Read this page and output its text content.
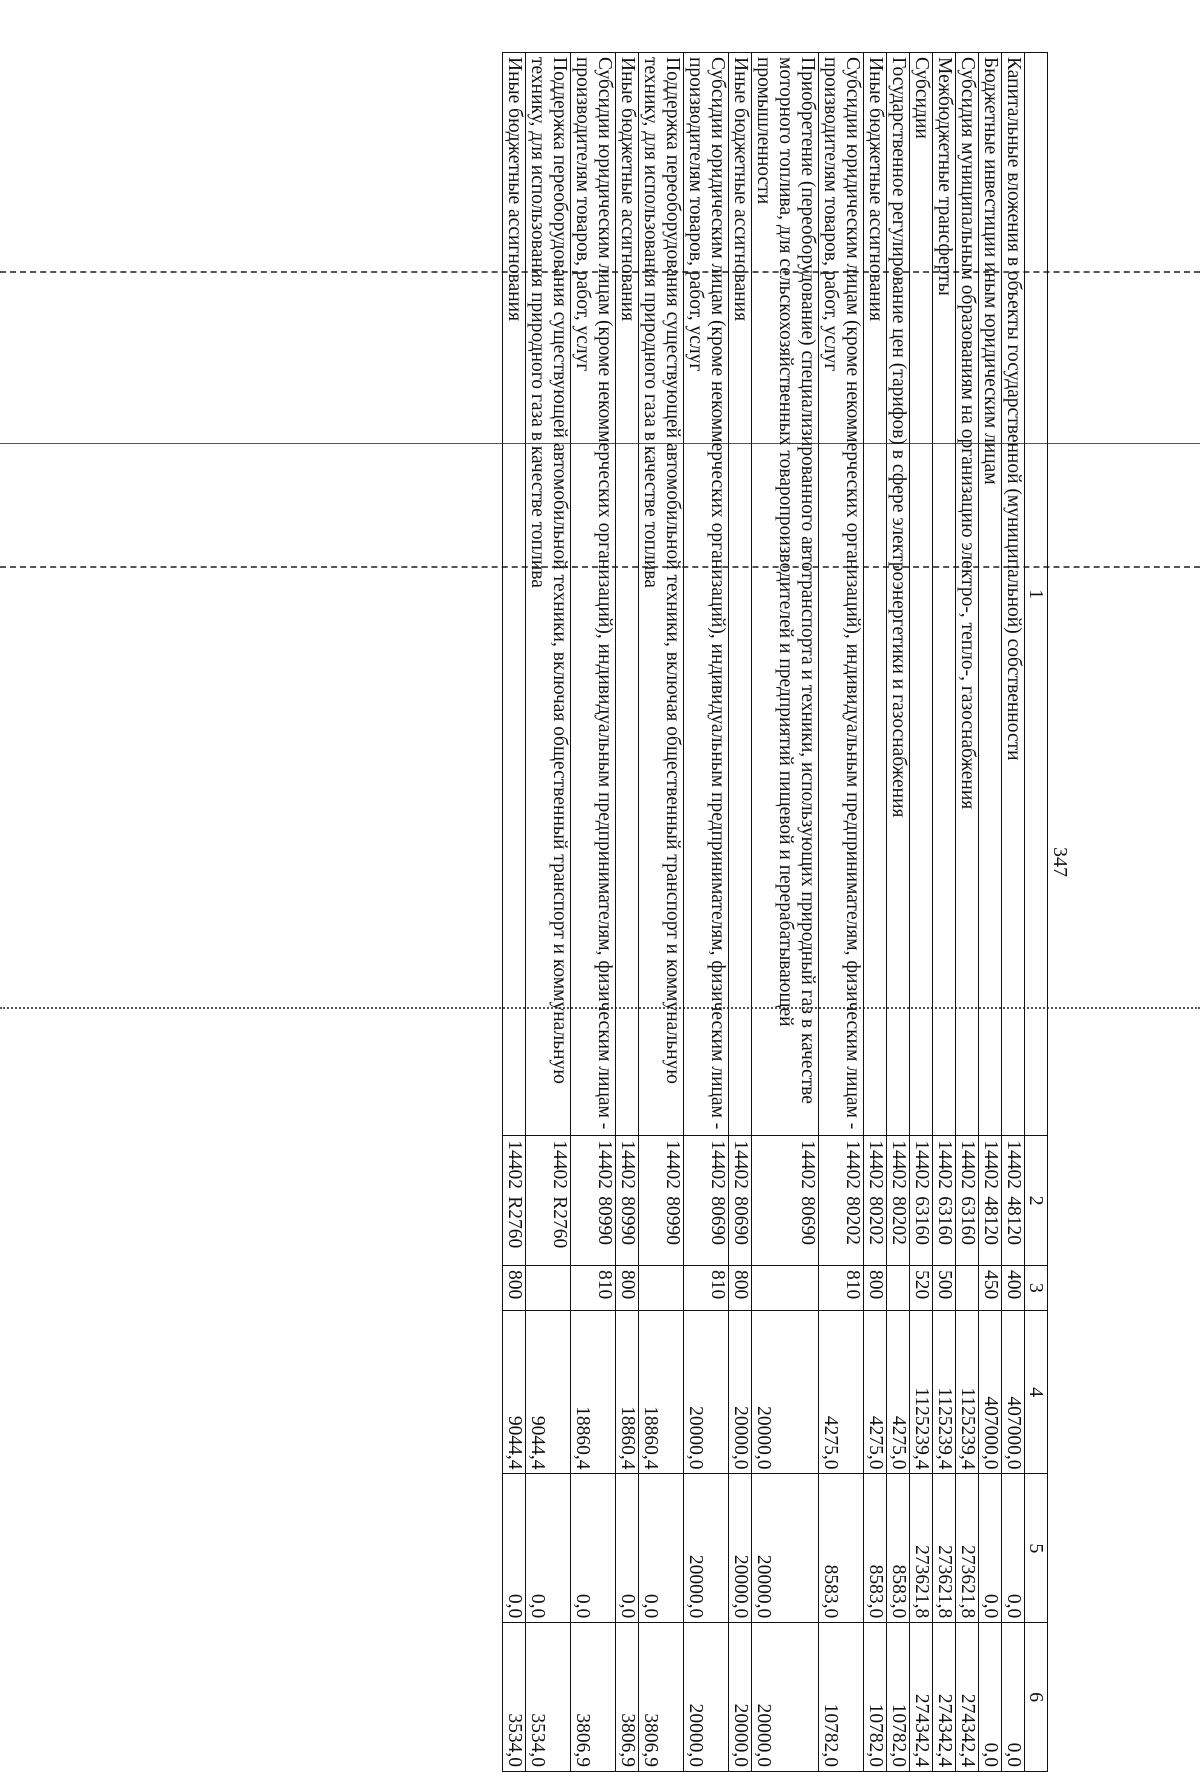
347
1	2	3	4	5	6
Капитальные вложения в объекты государственной (муниципальной) собственности	1440248120	400	407000,0	0,0	0,0
Бюджетные инвестиции иным юридическим лицам	1440248120	450	407000,0	0,0	0,0
Субсидия муниципальным образованиям на организацию электро-, тепло-, газоснабжения	1440263160		1125239,4	273621,8	274342,4
Межбюджетные трансферты	1440263160	500	1125239,4	273621,8	274342,4
Субсидии	1440263160	520	1125239,4	273621,8	274342,4
Государственное регулирование цен (тарифов) в сфере электроэнергетики и газоснабжения	1440280202		4275,0	8583,0	10782,0
Иные бюджетные ассигнования	1440280202	800	4275,0	8583,0	10782,0
Субсидии юридическим лицам (кроме некоммерческих организаций), индивидуальным предпринимателям, физическим лицам - производителям товаров, работ, услуг	1440280202	810	4275,0	8583,0	10782,0
Приобретение (переоборудование) специализированного автотранспорта и техники, использующих природный газ в качестве моторного топлива, для сельскохозяйственных товаропроизводителей и предприятий пищевой и перерабатывающей промышленности	1440280690		20000,0	20000,0	20000,0
Иные бюджетные ассигнования	1440280690	800	20000,0	20000,0	20000,0
Субсидии юридическим лицам (кроме некоммерческих организаций), индивидуальным предпринимателям, физическим лицам - производителям товаров, работ, услуг	1440280690	810	20000,0	20000,0	20000,0
Поддержка переоборудования существующей автомобильной техники, включая общественный транспорт и коммунальную технику, для использования природного газа в качестве топлива	1440280990		18860,4	0,0	3806,9
Иные бюджетные ассигнования	1440280990	800	18860,4	0,0	3806,9
Субсидии юридическим лицам (кроме некоммерческих организаций), индивидуальным предпринимателям, физическим лицам - производителям товаров, работ, услуг	1440280990	810	18860,4	0,0	3806,9
Поддержка переоборудования существующей автомобильной техники, включая общественный транспорт и коммунальную технику, для использования природного газа в качестве топлива	14402R2760		9044,4	0,0	3534,0
Иные бюджетные ассигнования	14402R2760	800	9044,4	0,0	3534,0
